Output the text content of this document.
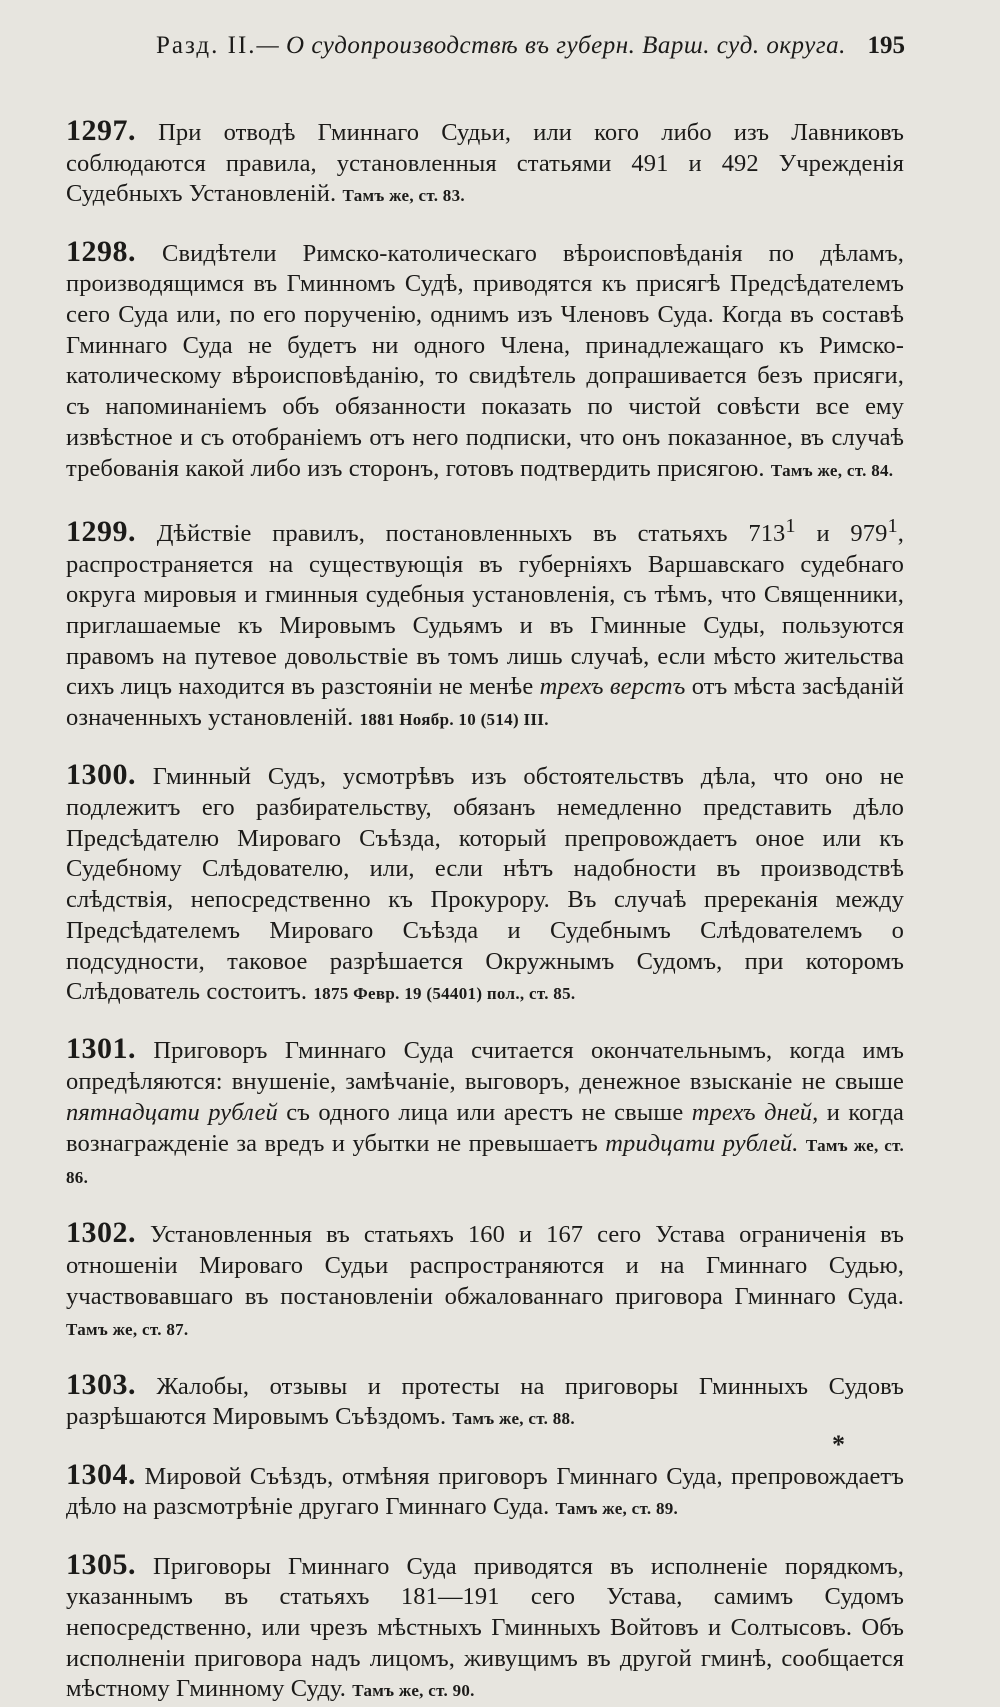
Разд. II.— О судопроизводствѣ въ губерн. Варш. суд. округа. 195

1297. При отводѣ Гминнаго Судьи, или кого либо изъ Лавниковъ соблюдаются правила, установленныя статьями 491 и 492 Учрежденія Судебныхъ Установленій. Тамъ же, ст. 83.

1298. Свидѣтели Римско-католическаго вѣроисповѣданія по дѣламъ, производящимся въ Гминномъ Судѣ, приводятся къ присягѣ Предсѣдателемъ сего Суда или, по его порученію, однимъ изъ Членовъ Суда. Когда въ составѣ Гминнаго Суда не будетъ ни одного Члена, принадлежащаго къ Римско-католическому вѣроисповѣданію, то свидѣтель допрашивается безъ присяги, съ напоминаніемъ объ обязанности показать по чистой совѣсти все ему извѣстное и съ отобраніемъ отъ него подписки, что онъ показанное, въ случаѣ требованія какой либо изъ сторонъ, готовъ подтвердить присягою. Тамъ же, ст. 84.

1299. Дѣйствіе правилъ, постановленныхъ въ статьяхъ $713^1$ и $979^1$, распространяется на существующія въ губерніяхъ Варшавскаго судебнаго округа мировыя и гминныя судебныя установленія, съ тѣмъ, что Священники, приглашаемые къ Мировымъ Судьямъ и въ Гминные Суды, пользуются правомъ на путевое довольствіе въ томъ лишь случаѣ, если мѣсто жительства сихъ лицъ находится въ разстояніи не менѣе трехъ верстъ отъ мѣста засѣданій означенныхъ установленій. 1881 Ноябр. 10 (514) III.

1300. Гминный Судъ, усмотрѣвъ изъ обстоятельствъ дѣла, что оно не подлежитъ его разбирательству, обязанъ немедленно представить дѣло Предсѣдателю Мироваго Съѣзда, который препровождаетъ оное или къ Судебному Слѣдователю, или, если нѣтъ надобности въ производствѣ слѣдствія, непосредственно къ Прокурору. Въ случаѣ пререканія между Предсѣдателемъ Мироваго Съѣзда и Судебнымъ Слѣдователемъ о подсудности, таковое разрѣшается Окружнымъ Судомъ, при которомъ Слѣдователь состоитъ. 1875 Февр. 19 (54401) пол., ст. 85.

1301. Приговоръ Гминнаго Суда считается окончательнымъ, когда имъ опредѣляются: внушеніе, замѣчаніе, выговоръ, денежное взысканіе не свыше пятнадцати рублей съ одного лица или арестъ не свыше трехъ дней, и когда вознагражденіе за вредъ и убытки не превышаетъ тридцати рублей. Тамъ же, ст. 86.

1302. Установленныя въ статьяхъ 160 и 167 сего Устава ограниченія въ отношеніи Мироваго Судьи распространяются и на Гминнаго Судью, участвовавшаго въ постановленіи обжалованнаго приговора Гминнаго Суда. Тамъ же, ст. 87.

1303. Жалобы, отзывы и протесты на приговоры Гминныхъ Судовъ разрѣшаются Мировымъ Съѣздомъ. Тамъ же, ст. 88.

1304. Мировой Съѣздъ, отмѣняя приговоръ Гминнаго Суда, препровождаетъ дѣло на разсмотрѣніе другаго Гминнаго Суда. Тамъ же, ст. 89.

1305. Приговоры Гминнаго Суда приводятся въ исполненіе порядкомъ, указаннымъ въ статьяхъ 181—191 сего Устава, самимъ Судомъ непосредственно, или чрезъ мѣстныхъ Гминныхъ Войтовъ и Солтысовъ. Объ исполненіи приговора надъ лицомъ, живущимъ въ другой гминѣ, сообщается мѣстному Гминному Суду. Тамъ же, ст. 90.

*
